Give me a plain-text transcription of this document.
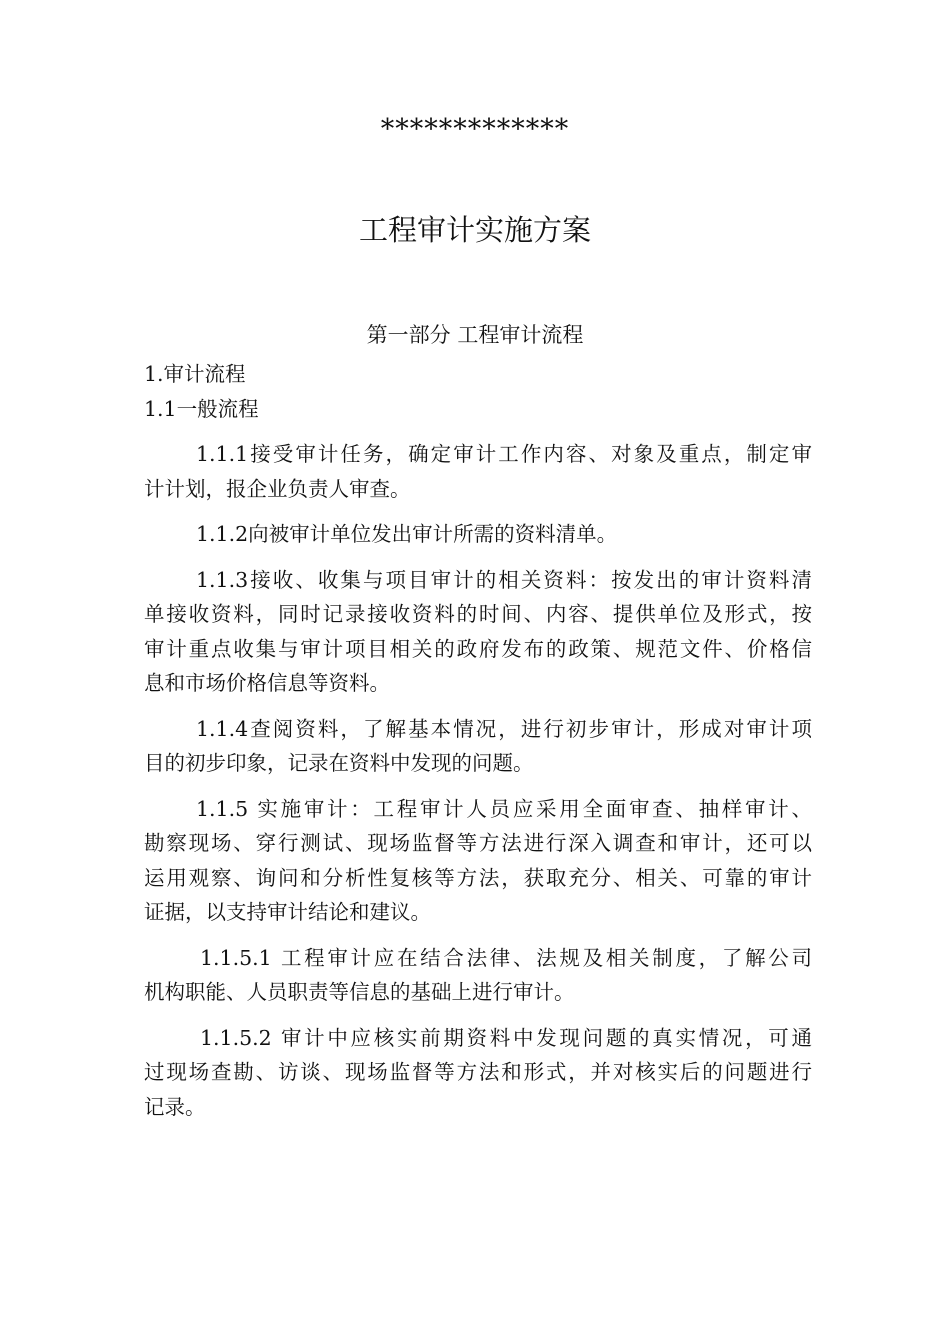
*************
工程审计实施方案
第一部分 工程审计流程
1.审计流程
1.1一般流程
1.1.1接受审计任务，确定审计工作内容、对象及重点，制定审
计计划，报企业负责人审查。
1.1.2向被审计单位发出审计所需的资料清单。
1.1.3接收、收集与项目审计的相关资料：按发出的审计资料清
单接收资料，同时记录接收资料的时间、内容、提供单位及形式，按
审计重点收集与审计项目相关的政府发布的政策、规范文件、价格信
息和市场价格信息等资料。
1.1.4查阅资料，了解基本情况，进行初步审计，形成对审计项
目的初步印象，记录在资料中发现的问题。
1.1.5 实施审计：工程审计人员应采用全面审查、抽样审计、
勘察现场、穿行测试、现场监督等方法进行深入调查和审计，还可以
运用观察、询问和分析性复核等方法，获取充分、相关、可靠的审计
证据，以支持审计结论和建议。
1.1.5.1 工程审计应在结合法律、法规及相关制度，了解公司
机构职能、人员职责等信息的基础上进行审计。
1.1.5.2 审计中应核实前期资料中发现问题的真实情况，可通
过现场查勘、访谈、现场监督等方法和形式，并对核实后的问题进行
记录。
